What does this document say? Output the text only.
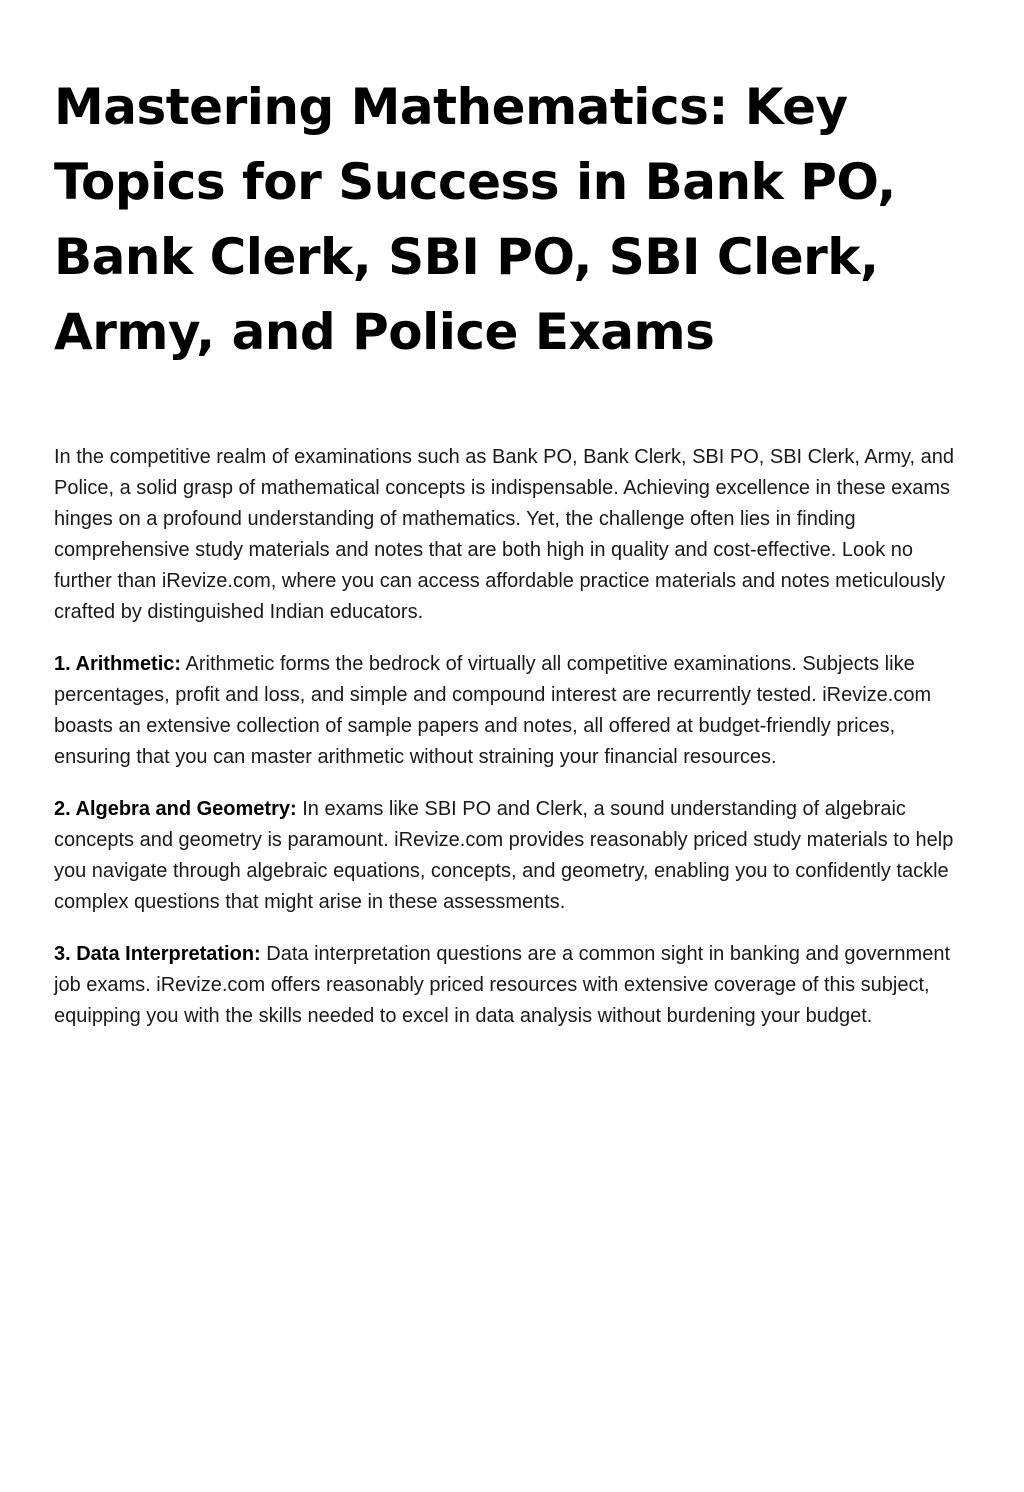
Mastering Mathematics: Key Topics for Success in Bank PO, Bank Clerk, SBI PO, SBI Clerk, Army, and Police Exams

In the competitive realm of examinations such as Bank PO, Bank Clerk, SBI PO, SBI Clerk, Army, and Police, a solid grasp of mathematical concepts is indispensable. Achieving excellence in these exams hinges on a profound understanding of mathematics. Yet, the challenge often lies in finding comprehensive study materials and notes that are both high in quality and cost-effective. Look no further than iRevize.com, where you can access affordable practice materials and notes meticulously crafted by distinguished Indian educators.

1. Arithmetic: Arithmetic forms the bedrock of virtually all competitive examinations. Subjects like percentages, profit and loss, and simple and compound interest are recurrently tested. iRevize.com boasts an extensive collection of sample papers and notes, all offered at budget-friendly prices, ensuring that you can master arithmetic without straining your financial resources.

2. Algebra and Geometry: In exams like SBI PO and Clerk, a sound understanding of algebraic concepts and geometry is paramount. iRevize.com provides reasonably priced study materials to help you navigate through algebraic equations, concepts, and geometry, enabling you to confidently tackle complex questions that might arise in these assessments.

3. Data Interpretation: Data interpretation questions are a common sight in banking and government job exams. iRevize.com offers reasonably priced resources with extensive coverage of this subject, equipping you with the skills needed to excel in data analysis without burdening your budget.
